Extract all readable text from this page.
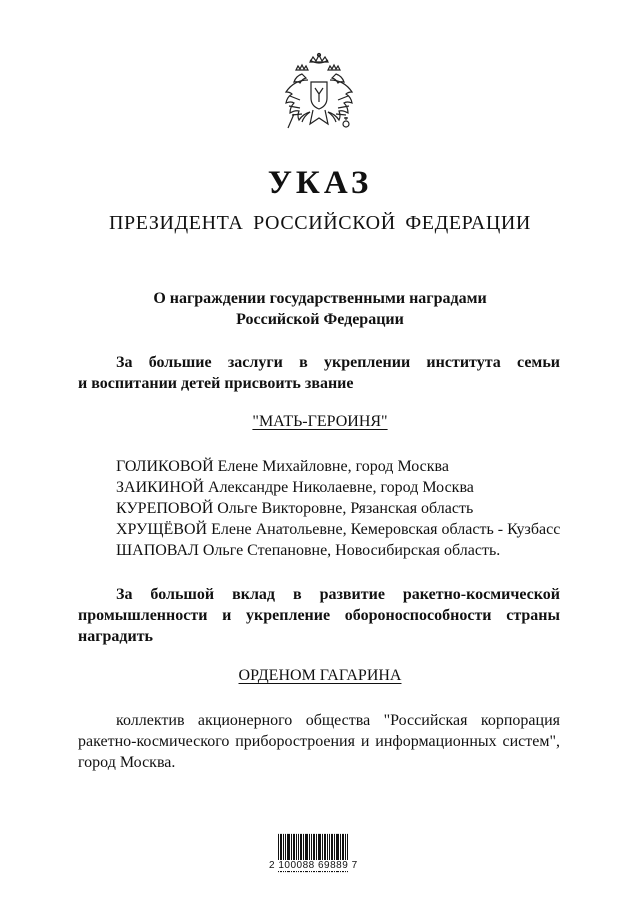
УКАЗ
ПРЕЗИДЕНТА РОССИЙСКОЙ ФЕДЕРАЦИИ
О награждении государственными наградами
Российской Федерации
За большие заслуги в укреплении института семьи
и воспитании детей присвоить звание
"МАТЬ-ГЕРОИНЯ"
ГОЛИКОВОЙ Елене Михайловне, город Москва
ЗАИКИНОЙ Александре Николаевне, город Москва
КУРЕПОВОЙ Ольге Викторовне, Рязанская область
ХРУЩЁВОЙ Елене Анатольевне, Кемеровская область - Кузбасс
ШАПОВАЛ Ольге Степановне, Новосибирская область.
За большой вклад в развитие ракетно-космической
промышленности и укрепление обороноспособности страны
наградить
ОРДЕНОМ ГАГАРИНА
коллектив акционерного общества "Российская корпорация
ракетно-космического приборостроения и информационных систем",
город Москва.
2 100088 69889 7
